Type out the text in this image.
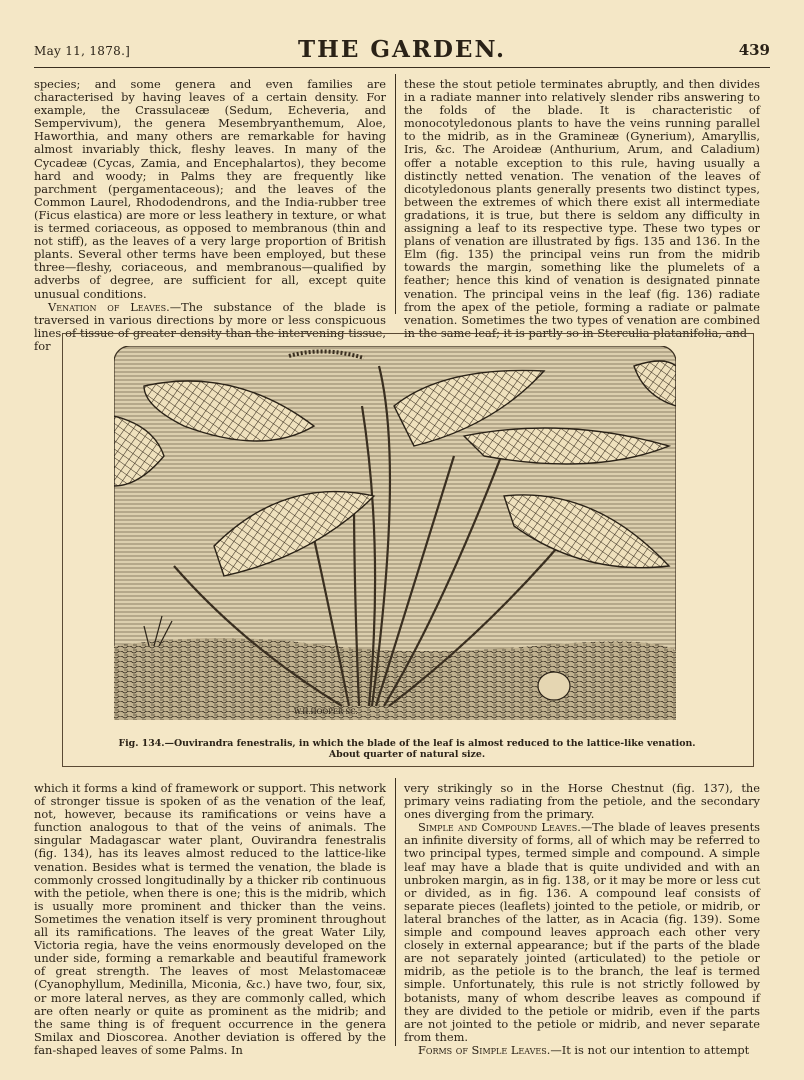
May 11, 1878.]	THE GARDEN.	439

species; and some genera and even families are characterised by having leaves of a certain density. For example, the Crassulaceæ (Sedum, Echeveria, and Sempervivum), the genera Mesembryanthemum, Aloe, Haworthia, and many others are remarkable for having almost invariably thick, fleshy leaves. In many of the Cycadeæ (Cycas, Zamia, and Encephalartos), they become hard and woody; in Palms they are frequently like parchment (pergamentaceous); and the leaves of the Common Laurel, Rhododendrons, and the India-rubber tree (Ficus elastica) are more or less leathery in texture, or what is termed coriaceous, as opposed to membranous (thin and not stiff), as the leaves of a very large proportion of British plants. Several other terms have been employed, but these three—fleshy, coriaceous, and membranous—qualified by adverbs of degree, are sufficient for all, except quite unusual conditions.

Venation of Leaves.—The substance of the blade is traversed in various directions by more or less conspicuous lines of tissue of greater density than the intervening tissue, for

these the stout petiole terminates abruptly, and then divides in a radiate manner into relatively slender ribs answering to the folds of the blade. It is characteristic of monocotyledonous plants to have the veins running parallel to the midrib, as in the Gramineæ (Gynerium), Amaryllis, Iris, &c. The Aroideæ (Anthurium, Arum, and Caladium) offer a notable exception to this rule, having usually a distinctly netted venation. The venation of the leaves of dicotyledonous plants generally presents two distinct types, between the extremes of which there exist all intermediate gradations, it is true, but there is seldom any difficulty in assigning a leaf to its respective type. These two types or plans of venation are illustrated by figs. 135 and 136. In the Elm (fig. 135) the principal veins run from the midrib towards the margin, something like the plumelets of a feather; hence this kind of venation is designated pinnate venation. The principal veins in the leaf (fig. 136) radiate from the apex of the petiole, forming a radiate or palmate venation. Sometimes the two types of venation are combined in the same leaf; it is partly so in Sterculia platanifolia, and

W.H.HOOPER SC.
Fig. 134.—Ouvirandra fenestralis, in which the blade of the leaf is almost reduced to the lattice-like venation.
About quarter of natural size.

which it forms a kind of framework or support. This network of stronger tissue is spoken of as the venation of the leaf, not, however, because its ramifications or veins have a function analogous to that of the veins of animals. The singular Madagascar water plant, Ouvirandra fenestralis (fig. 134), has its leaves almost reduced to the lattice-like venation. Besides what is termed the venation, the blade is commonly crossed longitudinally by a thicker rib continuous with the petiole, when there is one; this is the midrib, which is usually more prominent and thicker than the veins. Sometimes the venation itself is very prominent throughout all its ramifications. The leaves of the great Water Lily, Victoria regia, have the veins enormously developed on the under side, forming a remarkable and beautiful framework of great strength. The leaves of most Melastomaceæ (Cyanophyllum, Medinilla, Miconia, &c.) have two, four, six, or more lateral nerves, as they are commonly called, which are often nearly or quite as prominent as the midrib; and the same thing is of frequent occurrence in the genera Smilax and Dioscorea. Another deviation is offered by the fan-shaped leaves of some Palms. In

very strikingly so in the Horse Chestnut (fig. 137), the primary veins radiating from the petiole, and the secondary ones diverging from the primary.

Simple and Compound Leaves.—The blade of leaves presents an infinite diversity of forms, all of which may be referred to two principal types, termed simple and compound. A simple leaf may have a blade that is quite undivided and with an unbroken margin, as in fig. 138, or it may be more or less cut or divided, as in fig. 136. A compound leaf consists of separate pieces (leaflets) jointed to the petiole, or midrib, or lateral branches of the latter, as in Acacia (fig. 139). Some simple and compound leaves approach each other very closely in external appearance; but if the parts of the blade are not separately jointed (articulated) to the petiole or midrib, as the petiole is to the branch, the leaf is termed simple. Unfortunately, this rule is not strictly followed by botanists, many of whom describe leaves as compound if they are divided to the petiole or midrib, even if the parts are not jointed to the petiole or midrib, and never separate from them.

Forms of Simple Leaves.—It is not our intention to attempt
